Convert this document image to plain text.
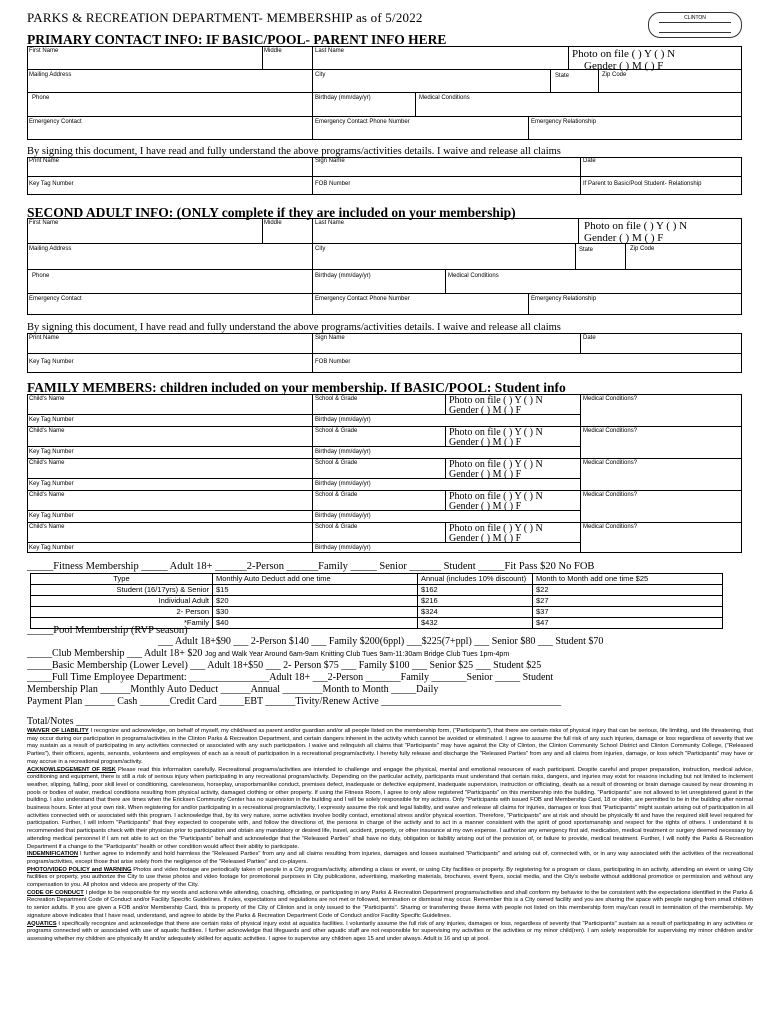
PARKS & RECREATION DEPARTMENT- MEMBERSHIP as of 5/2022	CLINTON
PRIMARY CONTACT INFO: IF BASIC/POOL- PARENT INFO HERE
First Name	Middle	Last Name	Photo on file ( ) Y ( ) N
Gender ( ) M ( ) F
Mailing Address	City	State	Zip Code
Phone	Birthday (mm/day/yr)	Medical Conditions
Emergency Contact	Emergency Contact Phone Number	Emergency Relationship
By signing this document, I have read and fully understand the above programs/activities details. I waive and release all claims
Print Name	Sign Name	Date
Key Tag Number	FOB Number	If Parent to Basic/Pool Student- Relationship
SECOND ADULT INFO: (ONLY complete if they are included on your membership)
First Name	Middle	Last Name	Photo on file ( ) Y ( ) N
Gender ( ) M ( ) F
Mailing Address	City	State	Zip Code
Phone	Birthday (mm/day/yr)	Medical Conditions
Emergency Contact	Emergency Contact Phone Number	Emergency Relationship
By signing this document, I have read and fully understand the above programs/activities details. I waive and release all claims
Print Name	Sign Name	Date
Key Tag Number	FOB Number
FAMILY MEMBERS: children included on your membership. If BASIC/POOL: Student info
Child's Name	School & Grade	Photo on file ( ) Y ( ) N
Gender ( ) M ( ) F
Medical Conditions?
Key Tag Number	Birthday (mm/day/yr)
Child's Name	School & Grade	Photo on file ( ) Y ( ) N
Gender ( ) M ( ) F
Medical Conditions?
Key Tag Number	Birthday (mm/day/yr)
Child's Name	School & Grade	Photo on file ( ) Y ( ) N
Gender ( ) M ( ) F
Medical Conditions?
Key Tag Number	Birthday (mm/day/yr)
Child's Name	School & Grade	Photo on file ( ) Y ( ) N
Gender ( ) M ( ) F
Medical Conditions?
Key Tag Number	Birthday (mm/day/yr)
Child's Name	School & Grade	Photo on file ( ) Y ( ) N
Gender ( ) M ( ) F
Medical Conditions?
Key Tag Number	Birthday (mm/day/yr)
_____Fitness Membership _____ Adult 18+ ______2-Person ______Family _____ Senior ______ Student _____Fit Pass $20 No FOB
Type	Monthly Auto Deduct add one time	Annual (includes 10% discount)	Month to Month add one time $25
Student (16/17yrs) & Senior	$15	$162	$22
Individual Adult	$20	$216	$27
2- Person	$30	$324	$37
*Family	$40	$432	$47
_____Pool Membership (RVP season)
___ Adult 18+$90 ___ 2-Person $140 ___ Family $200(6ppl) ___$225(7+ppl) ___ Senior $80 ___ Student $70
_____Club Membership ___ Adult 18+ $20 Jog and Walk Year Around 6am-9am Knitting Club Tues 9am-11:30am Bridge Club Tues 1pm-4pm
_____Basic Membership (Lower Level) ___ Adult 18+$50 ___ 2- Person $75 ___ Family $100 ___ Senior $25 ___ Student $25
_____Full Time Employee Department: ________________Adult 18+ ___2-Person _______Family _______Senior _____ Student
Membership Plan ______Monthly Auto Deduct ______Annual ________Month to Month _____Daily
Payment Plan ______ Cash ______Credit Card _____EBT ______Tivity/Renew Active ____________________________________
Total/Notes ___________________________________________________________________________________________________

WAIVER OF LIABILITY I recognize and acknowledge, on behalf of myself, my child/ward as parent and/or guardian and/or all people listed on the membership form, ("Participants"), that there are certain risks of physical injury that can be serious, life limiting, and life threatening, that may occur during our participation in programs/activities in the Clinton Parks & Recreation Department, and certain dangers inherent in the activity which cannot be avoided or eliminated. I agree to assume the full risk of any such injuries, damage or loss regardless of severity that we may sustain as a result of participating in any activities connected or associated with any such participation. I waive and relinquish all claims that "Participants" may have against the City of Clinton, the Clinton Community School District and Clinton Community College, ("Released Parties"), their officers, agents, servants, volunteers and employees of each as a result of participation in a recreational program/activity. I hereby fully release and discharge the "Released Parties" from any and all claims from injuries, damage, or loss which "Participants" may have or may accrue in a recreational program/activity.

ACKNOWLEDGEMENT OF RISK Please read this information carefully. Recreational programs/activities are intended to challenge and engage the physical, mental and emotional resources of each participant. Despite careful and proper preparation, instruction, medical advice, conditioning and equipment, there is still a risk of serious injury when participating in any recreational program/activity. Depending on the particular activity, participants must understand that certain risks, dangers, and injuries may exist for reasons including but not limited to inclement weather, slipping, falling, poor skill level or conditioning, carelessness, horseplay, unsportsmanlike conduct, premises defect, inadequate or defective equipment, inadequate supervision, instruction or officiating, death as a result of drowning or brain damage caused by near drowning in pools or bodies of water, medical conditions resulting from physical activity, damaged clothing or other property. If using the Fitness Room, I agree to only allow registered "Participants" on this membership into the building. "Participants" are not allowed to let unregistered guest in the building. I also understand that there are times when the Ericksen Community Center has no supervision in the building and I will be solely responsible for my actions. Only "Participants with issued FOB and Membership Card, 18 or older, are permitted to be in the building after normal business hours. Enter at your own risk. When registering for and/or participating in a recreational program/activity, I expressly assume the risk and legal liability, and waive and release all claims for injuries, damages or loss that "Participants" might sustain arising out of participation in all activities connected with or associated with this program. I acknowledge that, by its very nature, some activities involve bodily contact, emotional stress and/or physical exertion. Therefore, "Participants" are at risk and should be physically fit and have the required skill level required for participation. Further, I will inform "Participants" that they expected to cooperate with, and follow the directions of, the persons in charge of the activity and to act in a manner consistent with the spirit of good sportsmanship and respect for the rights of others. I understand it is recommended that participants check with their physician prior to participation and obtain any mandatory or desired life, travel, accident, property, or other insurance at my own expense. I authorize any emergency first aid, medication, medical treatment or surgery deemed necessary by attending medical personnel if I am not able to act on the "Participants" behalf and acknowledge that the "Released Parties" shall have no duty, obligation or liability arising out of the provision of, or failure to provide, medical treatment. Further, I will notify the Parks & Recreation Department if a change to the "Participants" health or other condition would affect their ability to participate.

INDEMNIFICATION I further agree to indemnify and hold harmless the "Released Parties" from any and all claims resulting from injuries, damages and losses sustained "Participants" and arising out of, connected with, or in any way associated with the activities of the recreational program/activities, except those that arise solely from the negligence of the "Released Parties" and co-players.

PHOTO/VIDEO POLICY and WARNING Photos and video footage are periodically taken of people in a City program/activity, attending a class or event, or using City facilities or property. By registering for a program or class, participating in an activity, attending an event or using City facilities or property, you authorize the City to use these photos and video footage for promotional purposes in City publications, advertising, marketing materials, brochures, event flyers, social media, and the City's website without additional promotice or permission and without any compensation to you. All photos and videos are property of the City.

CODE OF CONDUCT I pledge to be responsible for my words and actions while attending, coaching, officiating, or participating in any Parks & Recreation Department programs/activities and shall conform my behavior to the be consistent with the expectations identified in the Parks & Recreation Department Code of Conduct and/or Facility Specific Guidelines. If rules, expectations and regulations are not met or followed, termination or dismissal may occur. Remember this is a City owned facility and you are sharing the space with people ranging from small children to senior adults. If you are given a FOB and/or Membership Card, this is property of the City of Clinton and is only issued to the "Participants". Sharing or transferring these items with people not listed on this membership form may/can result in termination of the membership. My signature above indicates that I have read, understand, and agree to abide by the Parks & Recreation Department Code of Conduct and/or Facility Specific Guidelines.

AQUATICS I specifically recognize and acknowledge that there are certain risks of physical injury exist at aquatics facilities. I voluntarily assume the full risk of any injuries, damages or loss, regardless of severity that "Participants" sustain as a result of participating in any activities or programs connected with or associated with use of aquatic facilities. I further acknowledge that lifeguards and other aquatic staff are not responsible for supervising my activities or the activities or my minor child(ren). I am solely responsible for supervising my minor children and/or assessing whether my children are physically fit and/or adequately skilled for aquatic activities. I agree to supervise any children ages 15 and under always. Adult is 16 and up at pool.
